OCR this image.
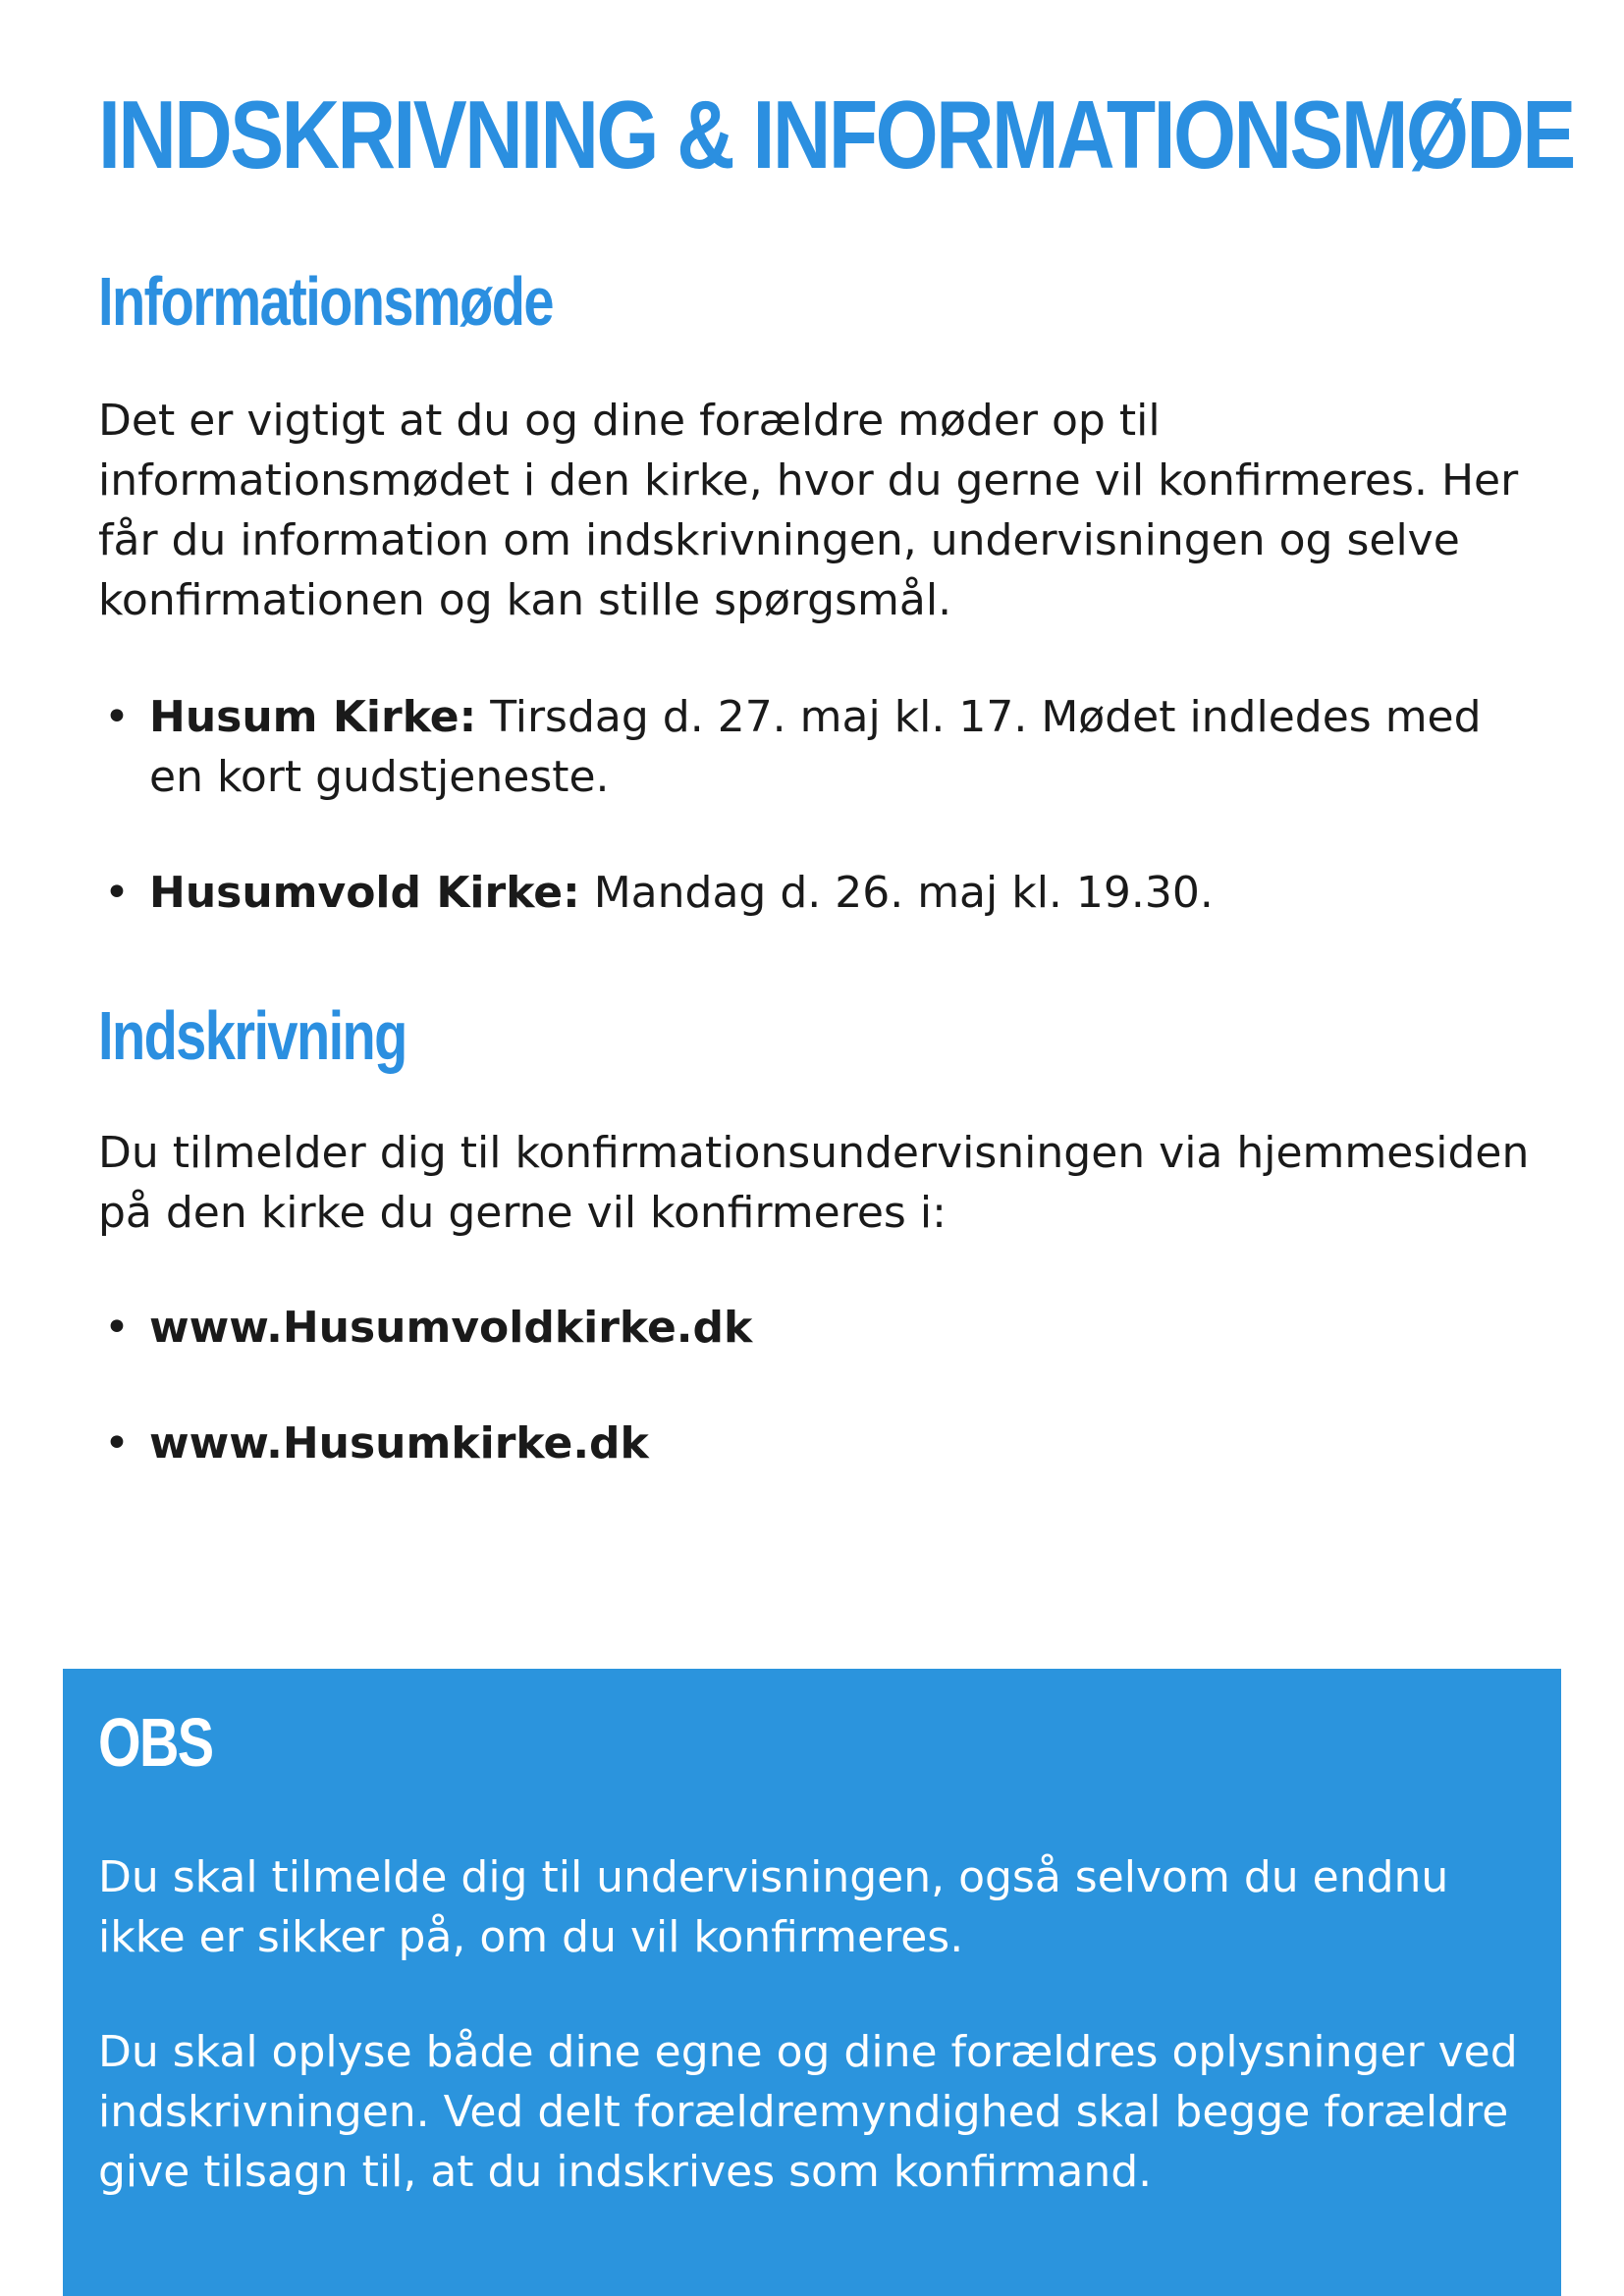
INDSKRIVNING & INFORMATIONSMØDE
Informationsmøde

Det er vigtigt at du og dine forældre møder op til informationsmødet i den kirke, hvor du gerne vil konfirmeres. Her får du information om indskrivningen, undervisningen og selve konfirmationen og kan stille spørgsmål.

• Husum Kirke: Tirsdag d. 27. maj kl. 17. Mødet indledes med en kort gudstjeneste.
• Husumvold Kirke: Mandag d. 26. maj kl. 19.30.
Indskrivning

Du tilmelder dig til konfirmationsundervisningen via hjemmesiden på den kirke du gerne vil konfirmeres i:

• www.Husumvoldkirke.dk
• www.Husumkirke.dk
OBS

Du skal tilmelde dig til undervisningen, også selvom du endnu ikke er sikker på, om du vil konfirmeres.

Du skal oplyse både dine egne og dine forældres oplysninger ved indskrivningen. Ved delt forældremyndighed skal begge forældre give tilsagn til, at du indskrives som konfirmand.
